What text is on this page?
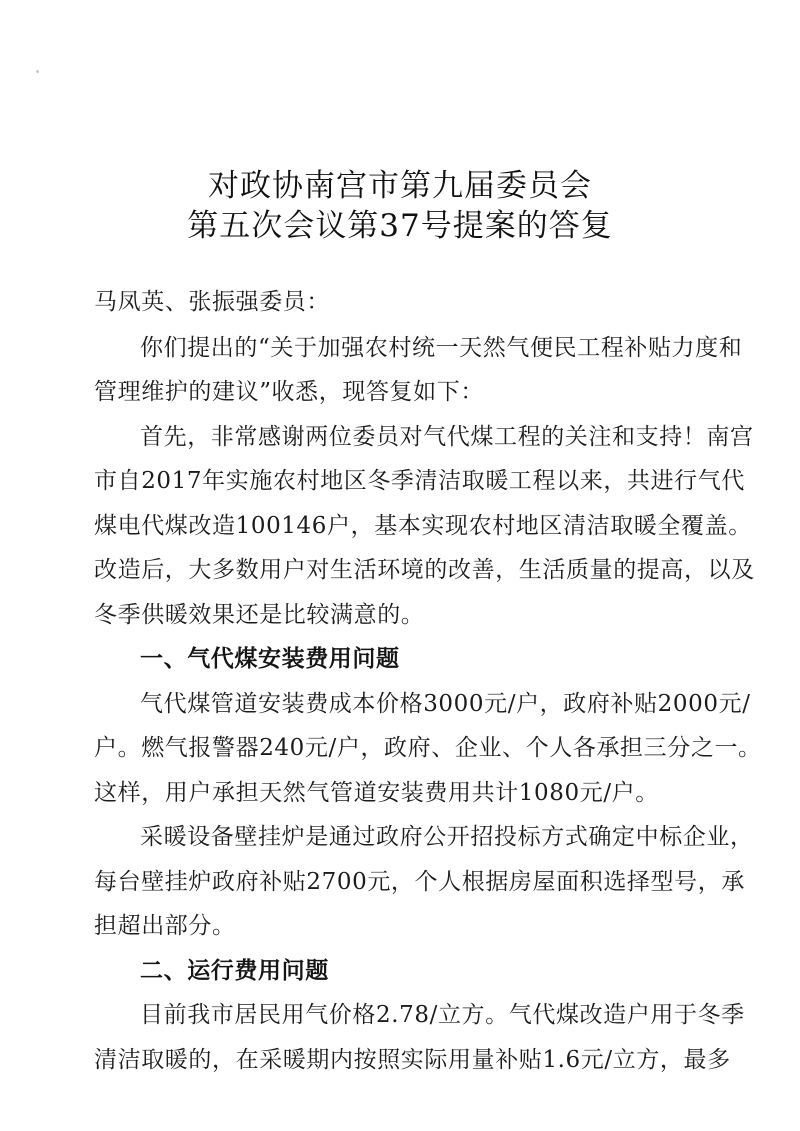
对政协南宫市第九届委员会
第五次会议第37号提案的答复
马凤英、张振强委员：
你们提出的“关于加强农村统一天然气便民工程补贴力度和
管理维护的建议”收悉，现答复如下：
首先，非常感谢两位委员对气代煤工程的关注和支持！南宫
市自2017年实施农村地区冬季清洁取暖工程以来，共进行气代
煤电代煤改造100146户，基本实现农村地区清洁取暖全覆盖。
改造后，大多数用户对生活环境的改善，生活质量的提高，以及
冬季供暖效果还是比较满意的。
一、气代煤安装费用问题
气代煤管道安装费成本价格3000元/户，政府补贴2000元/
户。燃气报警器240元/户，政府、企业、个人各承担三分之一。
这样，用户承担天然气管道安装费用共计1080元/户。
采暖设备壁挂炉是通过政府公开招投标方式确定中标企业，
每台壁挂炉政府补贴2700元，个人根据房屋面积选择型号，承
担超出部分。
二、运行费用问题
目前我市居民用气价格2.78/立方。气代煤改造户用于冬季
清洁取暖的，在采暖期内按照实际用量补贴1.6元/立方，最多
